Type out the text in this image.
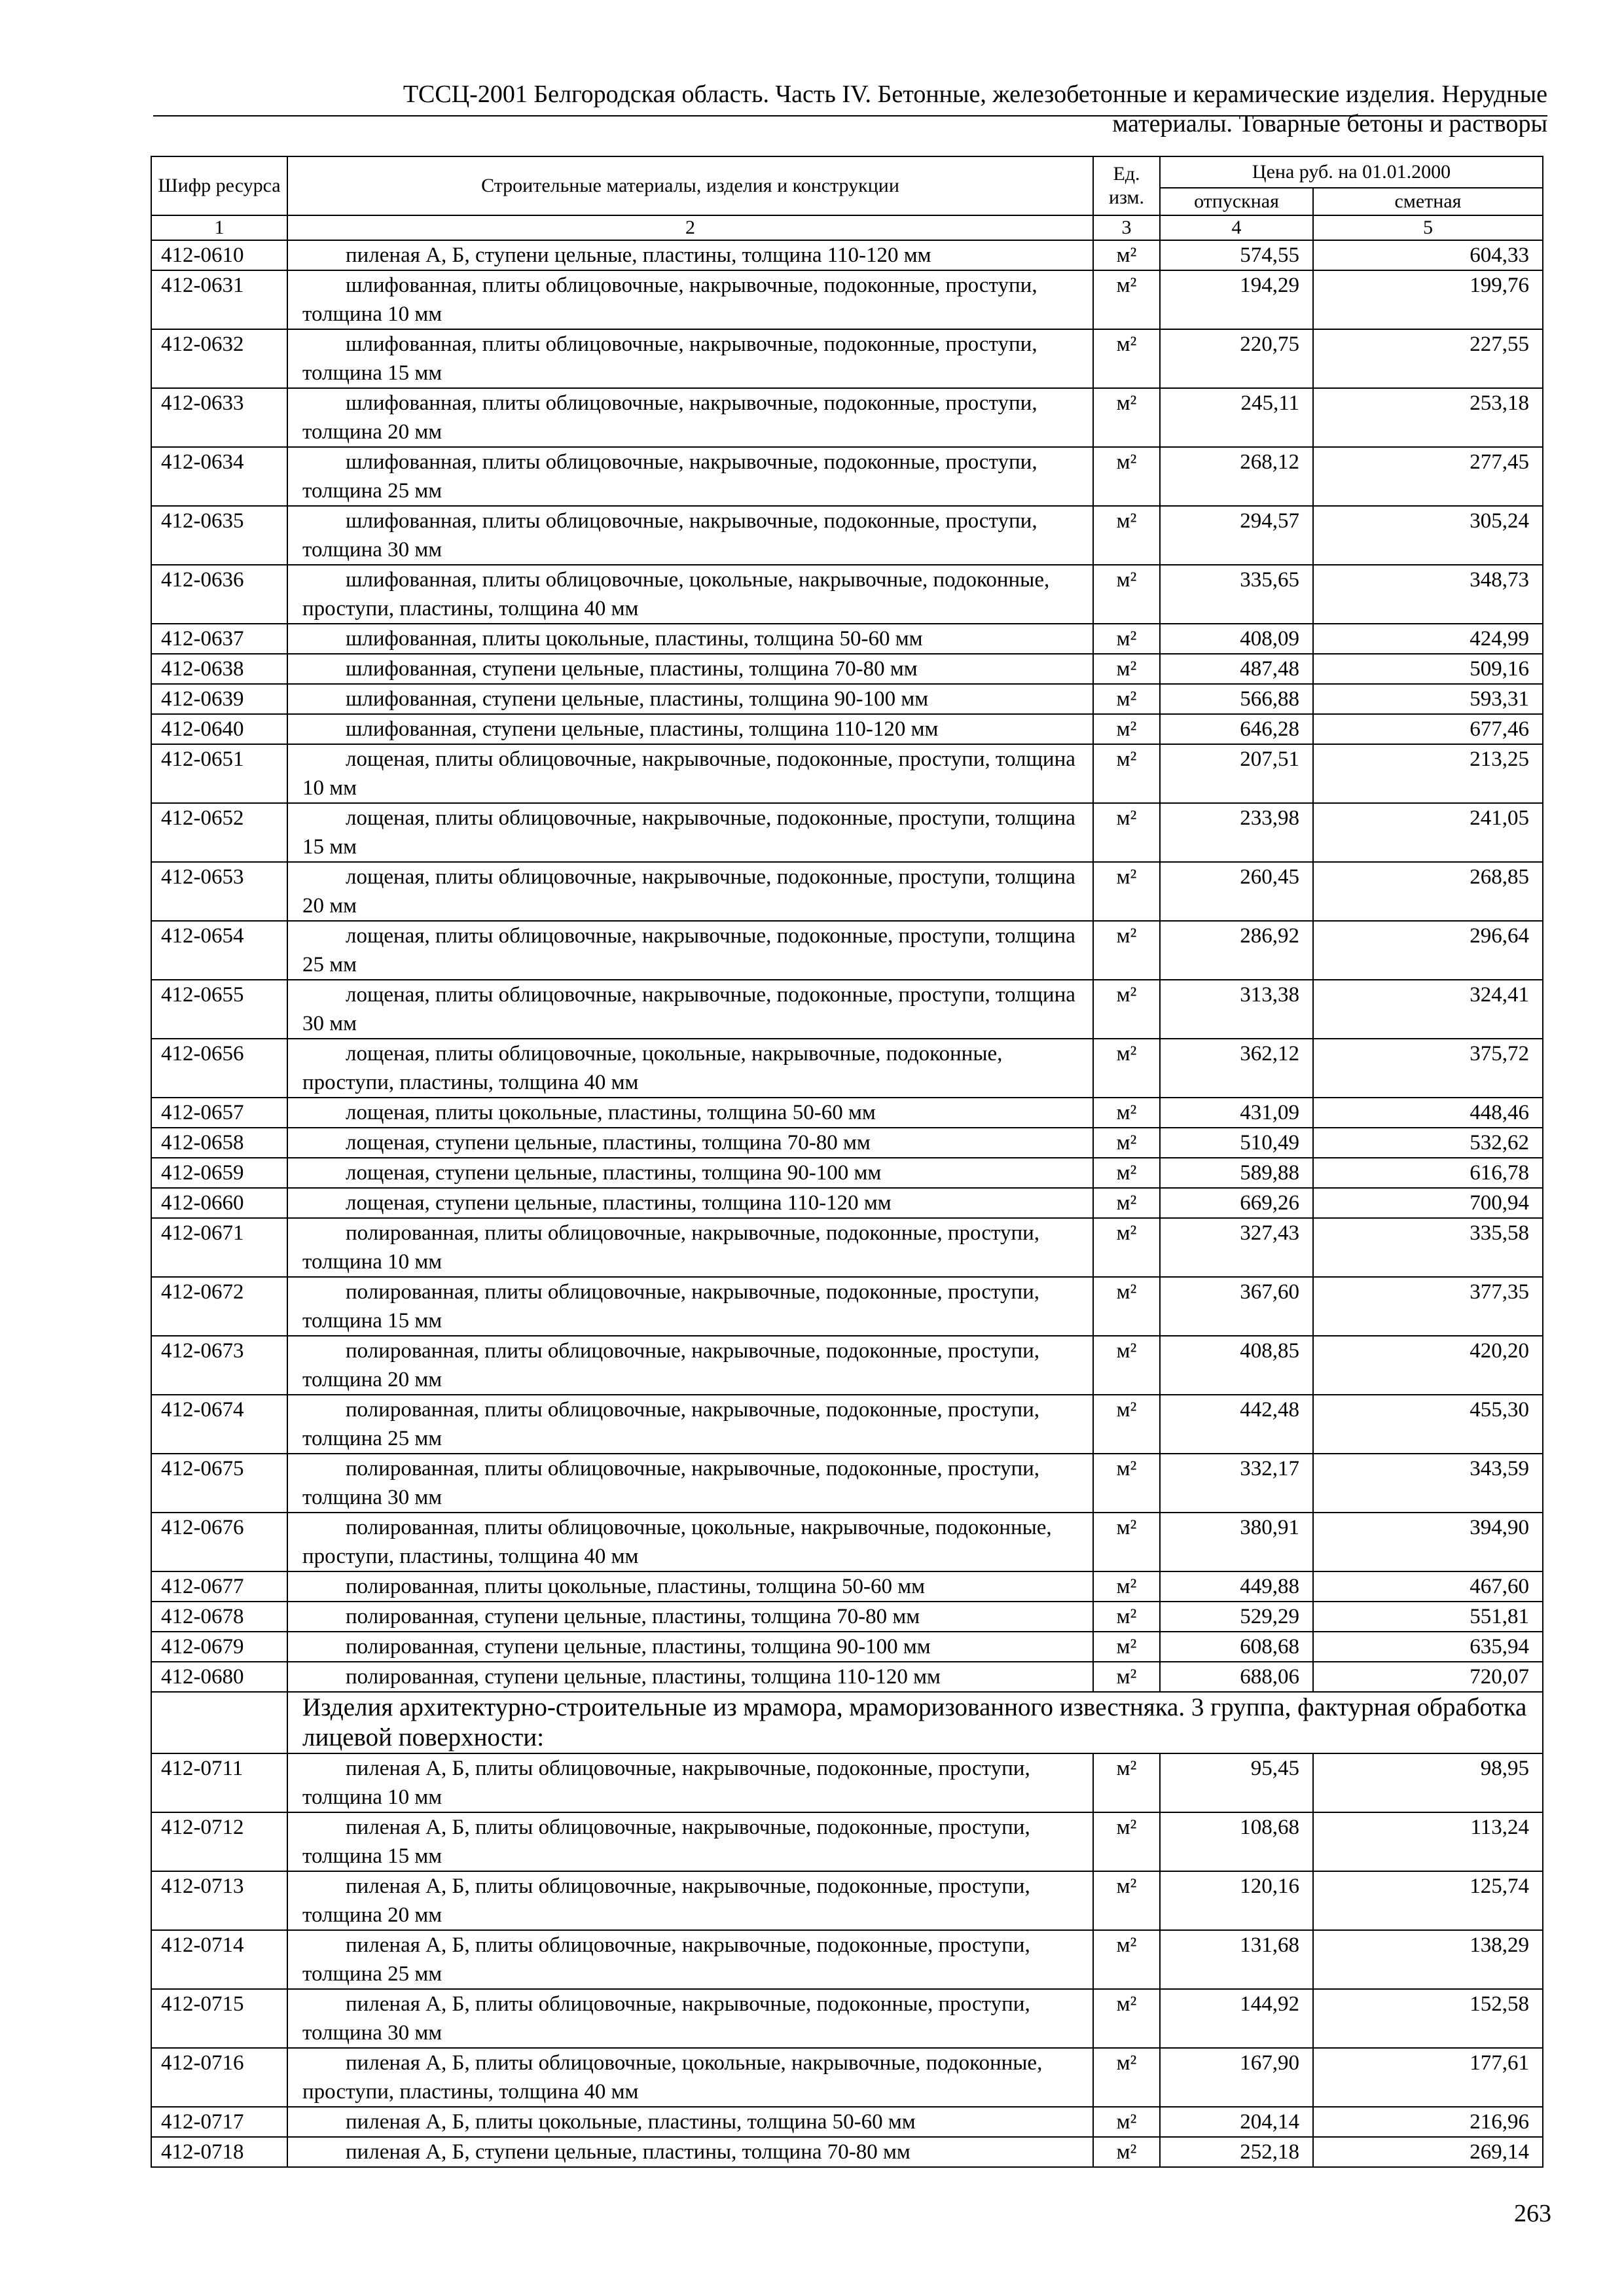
ТССЦ-2001 Белгородская область. Часть IV. Бетонные, железобетонные и керамические изделия. Нерудные
материалы. Товарные бетоны и растворы
Шифр ресурса	Строительные материалы, изделия и конструкции	Ед. изм.	Цена руб. на 01.01.2000	
			отпускная	сметная
1	2	3	4	5
412-0610	пиленая А, Б, ступени цельные, пластины, толщина 110-120 мм	м²	574,55	604,33
412-0631	шлифованная, плиты облицовочные, накрывочные, подоконные, проступи, толщина 10 мм	м²	194,29	199,76
412-0632	шлифованная, плиты облицовочные, накрывочные, подоконные, проступи, толщина 15 мм	м²	220,75	227,55
412-0633	шлифованная, плиты облицовочные, накрывочные, подоконные, проступи, толщина 20 мм	м²	245,11	253,18
412-0634	шлифованная, плиты облицовочные, накрывочные, подоконные, проступи, толщина 25 мм	м²	268,12	277,45
412-0635	шлифованная, плиты облицовочные, накрывочные, подоконные, проступи, толщина 30 мм	м²	294,57	305,24
412-0636	шлифованная, плиты облицовочные, цокольные, накрывочные, подоконные, проступи, пластины, толщина 40 мм	м²	335,65	348,73
412-0637	шлифованная, плиты цокольные, пластины, толщина 50-60 мм	м²	408,09	424,99
412-0638	шлифованная, ступени цельные, пластины, толщина 70-80 мм	м²	487,48	509,16
412-0639	шлифованная, ступени цельные, пластины, толщина 90-100 мм	м²	566,88	593,31
412-0640	шлифованная, ступени цельные, пластины, толщина 110-120 мм	м²	646,28	677,46
412-0651	лощеная, плиты облицовочные, накрывочные, подоконные, проступи, толщина 10 мм	м²	207,51	213,25
412-0652	лощеная, плиты облицовочные, накрывочные, подоконные, проступи, толщина 15 мм	м²	233,98	241,05
412-0653	лощеная, плиты облицовочные, накрывочные, подоконные, проступи, толщина 20 мм	м²	260,45	268,85
412-0654	лощеная, плиты облицовочные, накрывочные, подоконные, проступи, толщина 25 мм	м²	286,92	296,64
412-0655	лощеная, плиты облицовочные, накрывочные, подоконные, проступи, толщина 30 мм	м²	313,38	324,41
412-0656	лощеная, плиты облицовочные, цокольные, накрывочные, подоконные, проступи, пластины, толщина 40 мм	м²	362,12	375,72
412-0657	лощеная, плиты цокольные, пластины, толщина 50-60 мм	м²	431,09	448,46
412-0658	лощеная, ступени цельные, пластины, толщина 70-80 мм	м²	510,49	532,62
412-0659	лощеная, ступени цельные, пластины, толщина 90-100 мм	м²	589,88	616,78
412-0660	лощеная, ступени цельные, пластины, толщина 110-120 мм	м²	669,26	700,94
412-0671	полированная, плиты облицовочные, накрывочные, подоконные, проступи, толщина 10 мм	м²	327,43	335,58
412-0672	полированная, плиты облицовочные, накрывочные, подоконные, проступи, толщина 15 мм	м²	367,60	377,35
412-0673	полированная, плиты облицовочные, накрывочные, подоконные, проступи, толщина 20 мм	м²	408,85	420,20
412-0674	полированная, плиты облицовочные, накрывочные, подоконные, проступи, толщина 25 мм	м²	442,48	455,30
412-0675	полированная, плиты облицовочные, накрывочные, подоконные, проступи, толщина 30 мм	м²	332,17	343,59
412-0676	полированная, плиты облицовочные, цокольные, накрывочные, подоконные, проступи, пластины, толщина 40 мм	м²	380,91	394,90
412-0677	полированная, плиты цокольные, пластины, толщина 50-60 мм	м²	449,88	467,60
412-0678	полированная, ступени цельные, пластины, толщина 70-80 мм	м²	529,29	551,81
412-0679	полированная, ступени цельные, пластины, толщина 90-100 мм	м²	608,68	635,94
412-0680	полированная, ступени цельные, пластины, толщина 110-120 мм	м²	688,06	720,07
	Изделия архитектурно-строительные из мрамора, мраморизованного известняка. 3 группа, фактурная обработка лицевой поверхности:			
412-0711	пиленая А, Б, плиты облицовочные, накрывочные, подоконные, проступи, толщина 10 мм	м²	95,45	98,95
412-0712	пиленая А, Б, плиты облицовочные, накрывочные, подоконные, проступи, толщина 15 мм	м²	108,68	113,24
412-0713	пиленая А, Б, плиты облицовочные, накрывочные, подоконные, проступи, толщина 20 мм	м²	120,16	125,74
412-0714	пиленая А, Б, плиты облицовочные, накрывочные, подоконные, проступи, толщина 25 мм	м²	131,68	138,29
412-0715	пиленая А, Б, плиты облицовочные, накрывочные, подоконные, проступи, толщина 30 мм	м²	144,92	152,58
412-0716	пиленая А, Б, плиты облицовочные, цокольные, накрывочные, подоконные, проступи, пластины, толщина 40 мм	м²	167,90	177,61
412-0717	пиленая А, Б, плиты цокольные, пластины, толщина 50-60 мм	м²	204,14	216,96
412-0718	пиленая А, Б, ступени цельные, пластины, толщина 70-80 мм	м²	252,18	269,14
263
